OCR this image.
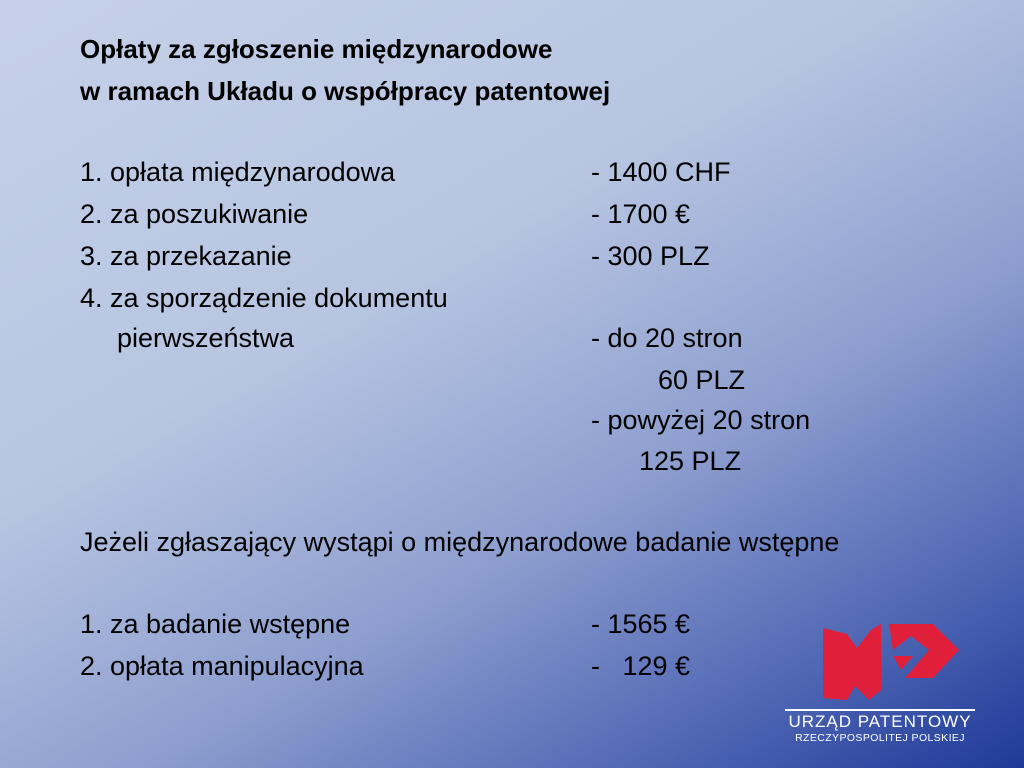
Opłaty za zgłoszenie międzynarodowe
w ramach Układu o współpracy patentowej
1. opłata międzynarodowa	- 1400 CHF
2. za poszukiwanie	- 1700 €
3. za przekazanie	- 300 PLZ
4. za sporządzenie dokumentu
pierwszeństwa	- do 20 stron
60 PLZ
- powyżej 20 stron
125 PLZ
Jeżeli zgłaszający wystąpi o międzynarodowe badanie wstępne
1. za badanie wstępne	- 1565 €
2. opłata manipulacyjna	-   129 €
URZĄD PATENTOWY
RZECZYPOSPOLITEJ POLSKIEJ
